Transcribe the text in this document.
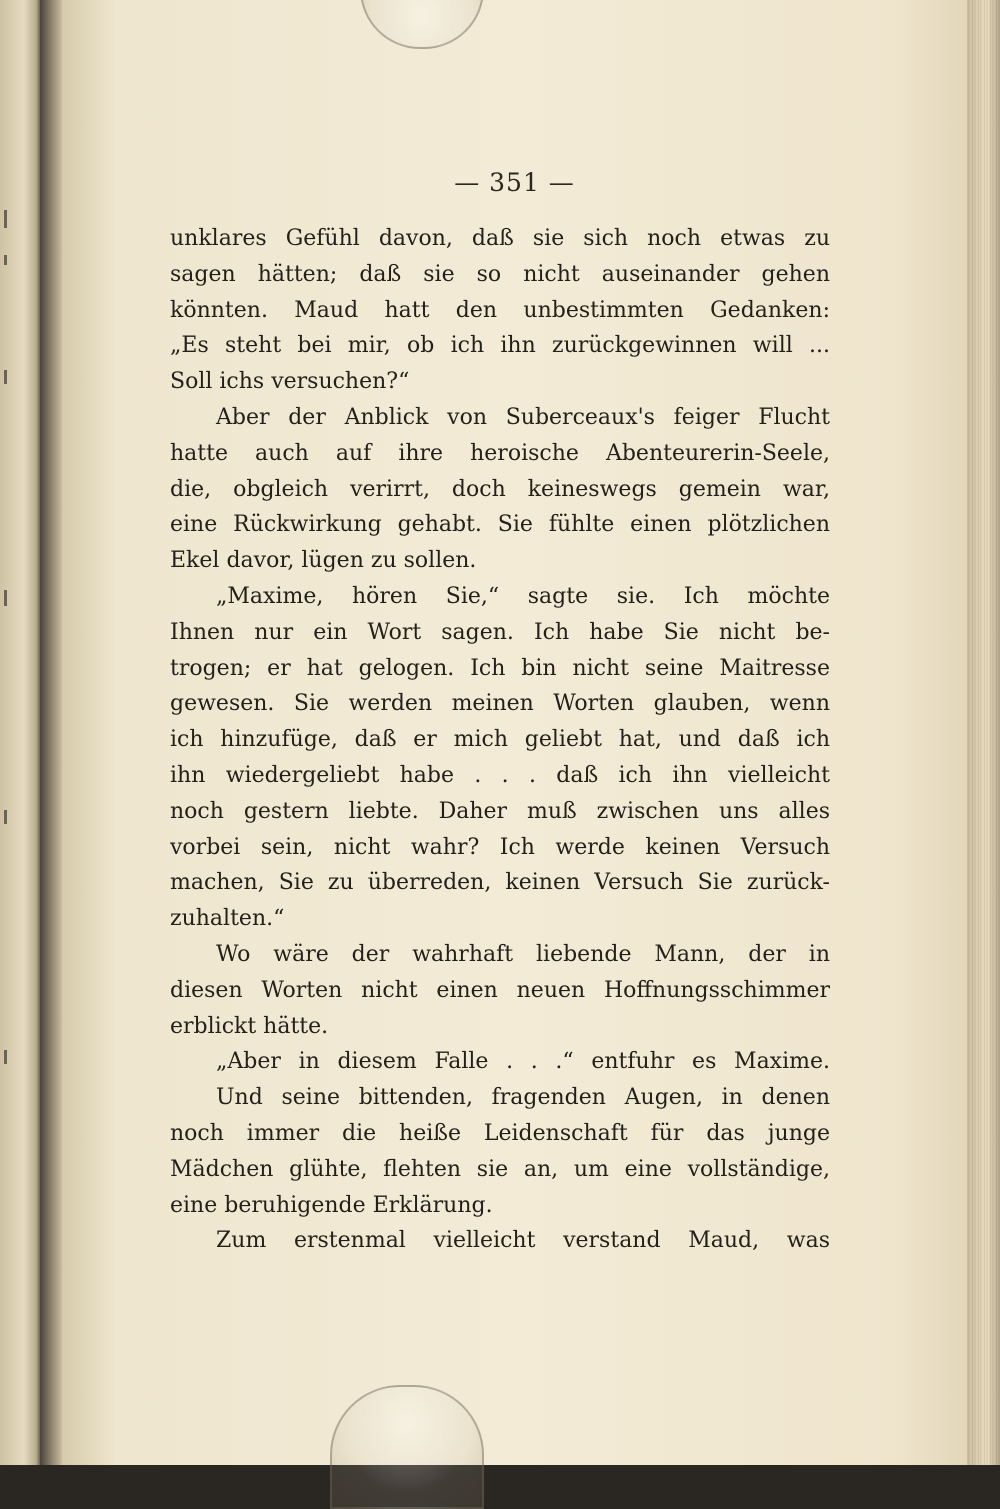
— 351 —
unklares Gefühl davon, daß sie sich noch etwas zu
sagen hätten; daß sie so nicht auseinander gehen
könnten. Maud hatt den unbestimmten Gedanken:
„Es steht bei mir, ob ich ihn zurückgewinnen will ...
Soll ichs versuchen?“
Aber der Anblick von Suberceaux's feiger Flucht
hatte auch auf ihre heroische Abenteurerin-Seele,
die, obgleich verirrt, doch keineswegs gemein war,
eine Rückwirkung gehabt. Sie fühlte einen plötzlichen
Ekel davor, lügen zu sollen.
„Maxime, hören Sie,“ sagte sie. Ich möchte
Ihnen nur ein Wort sagen. Ich habe Sie nicht be-
trogen; er hat gelogen. Ich bin nicht seine Maitresse
gewesen. Sie werden meinen Worten glauben, wenn
ich hinzufüge, daß er mich geliebt hat, und daß ich
ihn wiedergeliebt habe . . . daß ich ihn vielleicht
noch gestern liebte. Daher muß zwischen uns alles
vorbei sein, nicht wahr? Ich werde keinen Versuch
machen, Sie zu überreden, keinen Versuch Sie zurück-
zuhalten.“
Wo wäre der wahrhaft liebende Mann, der in
diesen Worten nicht einen neuen Hoffnungsschimmer
erblickt hätte.
„Aber in diesem Falle . . .“ entfuhr es Maxime.
Und seine bittenden, fragenden Augen, in denen
noch immer die heiße Leidenschaft für das junge
Mädchen glühte, flehten sie an, um eine vollständige,
eine beruhigende Erklärung.
Zum erstenmal vielleicht verstand Maud, was
